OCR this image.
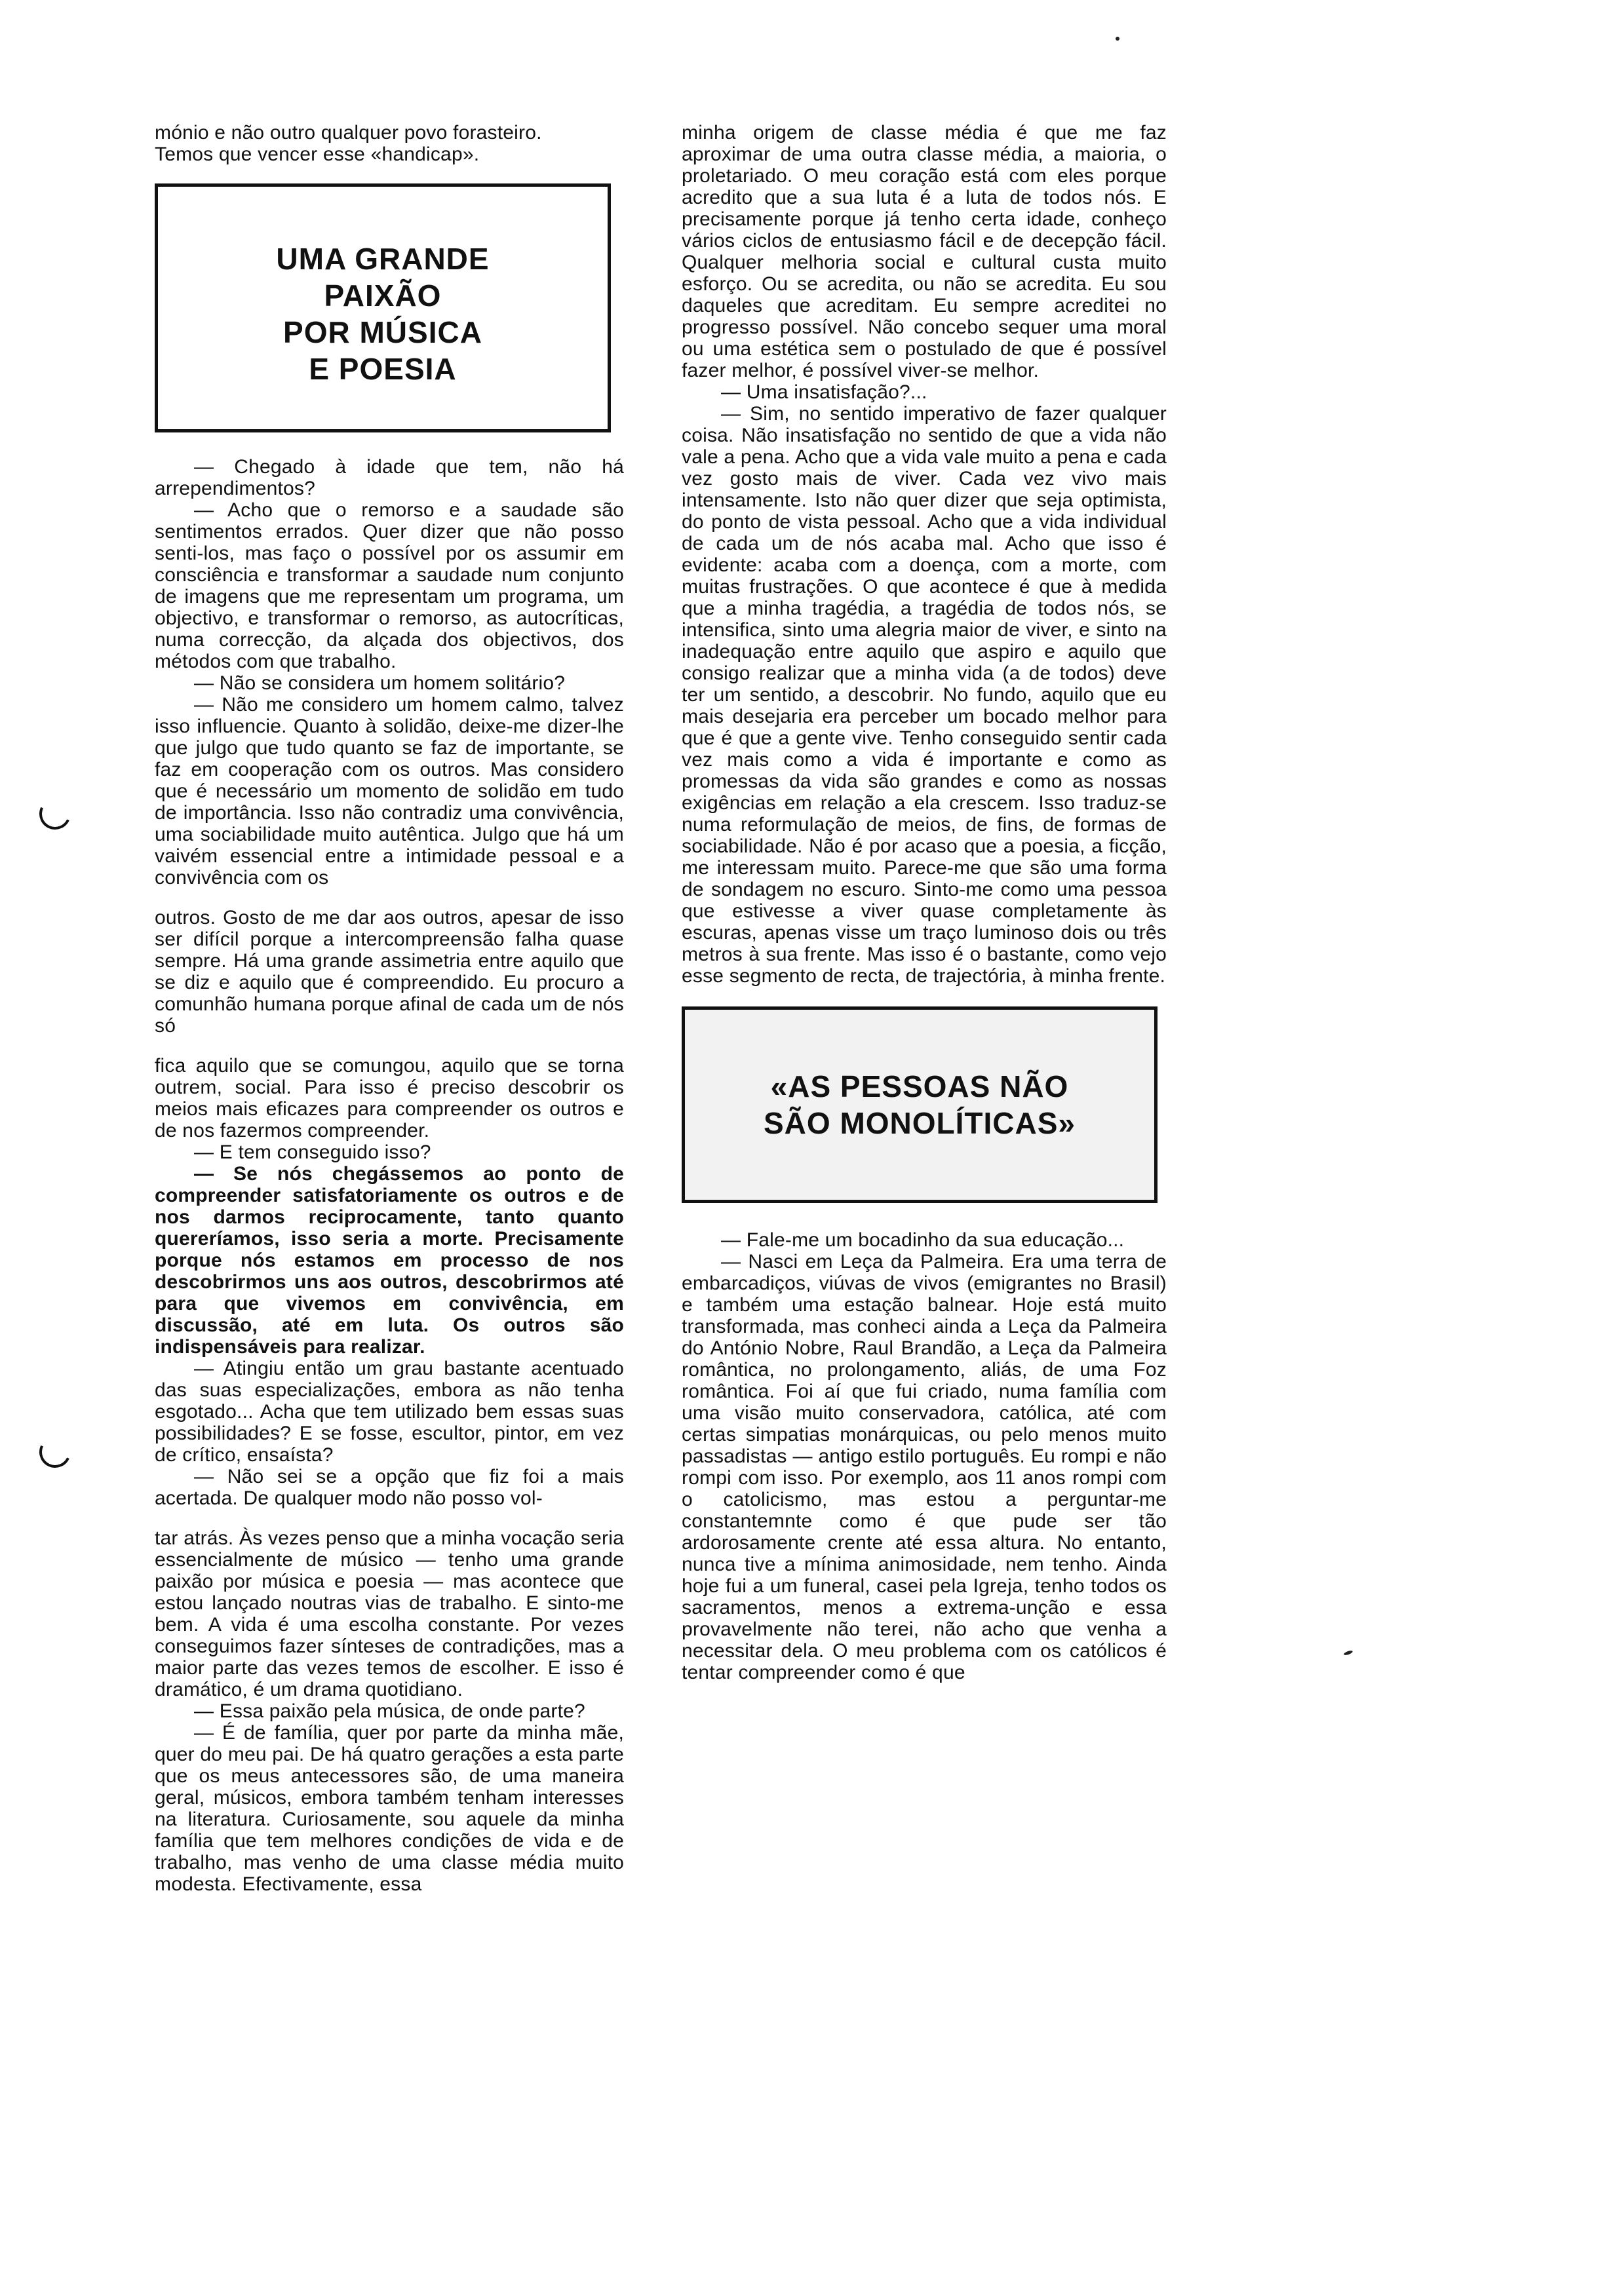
mónio e não outro qualquer povo forasteiro.

Temos que vencer esse «handicap».

UMA GRANDE
PAIXÃO
POR MÚSICA
E POESIA

— Chegado à idade que tem, não há arrependimentos?

— Acho que o remorso e a saudade são sentimentos errados. Quer dizer que não posso senti-los, mas faço o possível por os assumir em consciência e transformar a saudade num conjunto de imagens que me representam um programa, um objectivo, e transformar o remorso, as autocríticas, numa correcção, da alçada dos objectivos, dos métodos com que trabalho.

— Não se considera um homem solitário?

— Não me considero um homem calmo, talvez isso influencie. Quanto à solidão, deixe-me dizer-lhe que julgo que tudo quanto se faz de importante, se faz em cooperação com os outros. Mas considero que é necessário um momento de solidão em tudo de importância. Isso não contradiz uma convivência, uma sociabilidade muito autêntica. Julgo que há um vaivém essencial entre a intimidade pessoal e a convivência com os

outros. Gosto de me dar aos outros, apesar de isso ser difícil porque a intercompreensão falha quase sempre. Há uma grande assimetria entre aquilo que se diz e aquilo que é compreendido. Eu procuro a comunhão humana porque afinal de cada um de nós só

fica aquilo que se comungou, aquilo que se torna outrem, social. Para isso é preciso descobrir os meios mais eficazes para compreender os outros e de nos fazermos compreender.

— E tem conseguido isso?

— Se nós chegássemos ao ponto de compreender satisfatoriamente os outros e de nos darmos reciprocamente, tanto quanto quereríamos, isso seria a morte. Precisamente porque nós estamos em processo de nos descobrirmos uns aos outros, descobrirmos até para que vivemos em convivência, em discussão, até em luta. Os outros são indispensáveis para realizar.

— Atingiu então um grau bastante acentuado das suas especializações, embora as não tenha esgotado... Acha que tem utilizado bem essas suas possibilidades? E se fosse, escultor, pintor, em vez de crítico, ensaísta?

— Não sei se a opção que fiz foi a mais acertada. De qualquer modo não posso vol-

tar atrás. Às vezes penso que a minha vocação seria essencialmente de músico — tenho uma grande paixão por música e poesia — mas acontece que estou lançado noutras vias de trabalho. E sinto-me bem. A vida é uma escolha constante. Por vezes conseguimos fazer sínteses de contradições, mas a maior parte das vezes temos de escolher. E isso é dramático, é um drama quotidiano.

— Essa paixão pela música, de onde parte?

— É de família, quer por parte da minha mãe, quer do meu pai. De há quatro gerações a esta parte que os meus antecessores são, de uma maneira geral, músicos, embora também tenham interesses na literatura. Curiosamente, sou aquele da minha família que tem melhores condições de vida e de trabalho, mas venho de uma classe média muito modesta. Efectivamente, essa

minha origem de classe média é que me faz aproximar de uma outra classe média, a maioria, o proletariado. O meu coração está com eles porque acredito que a sua luta é a luta de todos nós. E precisamente porque já tenho certa idade, conheço vários ciclos de entusiasmo fácil e de decepção fácil. Qualquer melhoria social e cultural custa muito esforço. Ou se acredita, ou não se acredita. Eu sou daqueles que acreditam. Eu sempre acreditei no progresso possível. Não concebo sequer uma moral ou uma estética sem o postulado de que é possível fazer melhor, é possível viver-se melhor.

— Uma insatisfação?...

— Sim, no sentido imperativo de fazer qualquer coisa. Não insatisfação no sentido de que a vida não vale a pena. Acho que a vida vale muito a pena e cada vez gosto mais de viver. Cada vez vivo mais intensamente. Isto não quer dizer que seja optimista, do ponto de vista pessoal. Acho que a vida individual de cada um de nós acaba mal. Acho que isso é evidente: acaba com a doença, com a morte, com muitas frustrações. O que acontece é que à medida que a minha tragédia, a tragédia de todos nós, se intensifica, sinto uma alegria maior de viver, e sinto na inadequação entre aquilo que aspiro e aquilo que consigo realizar que a minha vida (a de todos) deve ter um sentido, a descobrir. No fundo, aquilo que eu mais desejaria era perceber um bocado melhor para que é que a gente vive. Tenho conseguido sentir cada vez mais como a vida é importante e como as promessas da vida são grandes e como as nossas exigências em relação a ela crescem. Isso traduz-se numa reformulação de meios, de fins, de formas de sociabilidade. Não é por acaso que a poesia, a ficção, me interessam muito. Parece-me que são uma forma de sondagem no escuro. Sinto-me como uma pessoa que estivesse a viver quase completamente às escuras, apenas visse um traço luminoso dois ou três metros à sua frente. Mas isso é o bastante, como vejo esse segmento de recta, de trajectória, à minha frente.

«AS PESSOAS NÃO
SÃO MONOLÍTICAS»

— Fale-me um bocadinho da sua educação...

— Nasci em Leça da Palmeira. Era uma terra de embarcadiços, viúvas de vivos (emigrantes no Brasil) e também uma estação balnear. Hoje está muito transformada, mas conheci ainda a Leça da Palmeira do António Nobre, Raul Brandão, a Leça da Palmeira romântica, no prolongamento, aliás, de uma Foz romântica. Foi aí que fui criado, numa família com uma visão muito conservadora, católica, até com certas simpatias monárquicas, ou pelo menos muito passadistas — antigo estilo português. Eu rompi e não rompi com isso. Por exemplo, aos 11 anos rompi com o catolicismo, mas estou a perguntar-me constantemnte como é que pude ser tão ardorosamente crente até essa altura. No entanto, nunca tive a mínima animosidade, nem tenho. Ainda hoje fui a um funeral, casei pela Igreja, tenho todos os sacramentos, menos a extrema-unção e essa provavelmente não terei, não acho que venha a necessitar dela. O meu problema com os católicos é tentar compreender como é que
